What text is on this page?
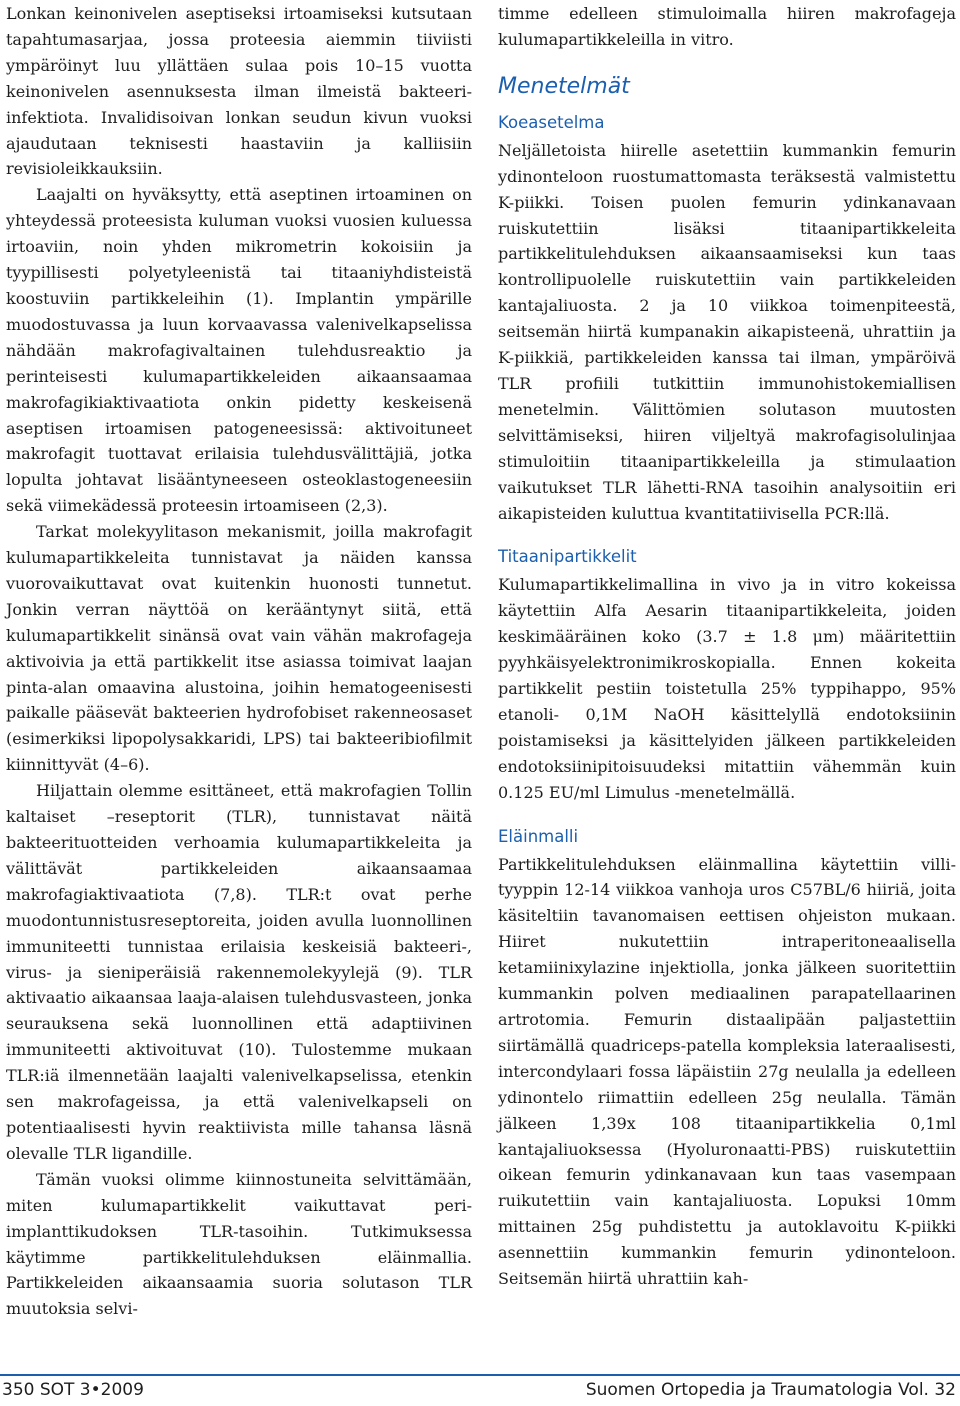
Lonkan keinonivelen aseptiseksi irtoamiseksi kutsutaan tapahtumasarjaa, jossa proteesia aiemmin tiiviisti ympäröinyt luu yllättäen sulaa pois 10–15 vuotta keinonivelen asennuksesta ilman ilmeistä bakteeri-infektiota. Invalidisoivan lonkan seudun kivun vuoksi ajaudutaan teknisesti haastaviin ja kalliisiin revisioleikkauksiin.

Laajalti on hyväksytty, että aseptinen irtoaminen on yhteydessä proteesista kuluman vuoksi vuosien kuluessa irtoaviin, noin yhden mikrometrin kokoisiin ja tyypillisesti polyetyleenistä tai titaaniyhdisteistä koostuviin partikkeleihin (1). Implantin ympärille muodostuvassa ja luun korvaavassa valenivelkapselissa nähdään makrofagivaltainen tulehdusreaktio ja perinteisesti kulumapartikkeleiden aikaansaamaa makrofagikiaktivaatiota onkin pidetty keskeisenä aseptisen irtoamisen patogeneesissä: aktivoituneet makrofagit tuottavat erilaisia tulehdusvälittäjiä, jotka lopulta johtavat lisääntyneeseen osteoklastogeneesiin sekä viimekädessä proteesin irtoamiseen (2,3).

Tarkat molekyylitason mekanismit, joilla makrofagit kulumapartikkeleita tunnistavat ja näiden kanssa vuorovaikuttavat ovat kuitenkin huonosti tunnetut. Jonkin verran näyttöä on kerääntynyt siitä, että kulumapartikkelit sinänsä ovat vain vähän makrofageja aktivoivia ja että partikkelit itse asiassa toimivat laajan pinta-alan omaavina alustoina, joihin hematogeenisesti paikalle pääsevät bakteerien hydrofobiset rakenneosaset (esimerkiksi lipopolysakkaridi, LPS) tai bakteeribiofilmit kiinnittyvät (4–6).

Hiljattain olemme esittäneet, että makrofagien Tollin kaltaiset –reseptorit (TLR), tunnistavat näitä bakteerituotteiden verhoamia kulumapartikkeleita ja välittävät partikkeleiden aikaansaamaa makrofagiaktivaatiota (7,8). TLR:t ovat perhe muodontunnistusreseptoreita, joiden avulla luonnollinen immuniteetti tunnistaa erilaisia keskeisiä bakteeri-, virus- ja sieniperäisiä rakennemolekyylejä (9). TLR aktivaatio aikaansaa laaja-alaisen tulehdusvasteen, jonka seurauksena sekä luonnollinen että adaptiivinen immuniteetti aktivoituvat (10). Tulostemme mukaan TLR:iä ilmennetään laajalti valenivelkapselissa, etenkin sen makrofageissa, ja että valenivelkapseli on potentiaalisesti hyvin reaktiivista mille tahansa läsnä olevalle TLR ligandille.

Tämän vuoksi olimme kiinnostuneita selvittämään, miten kulumapartikkelit vaikuttavat peri-implanttikudoksen TLR-tasoihin. Tutkimuksessa käytimme partikkelitulehduksen eläinmallia. Partikkeleiden aikaansaamia suoria solutason TLR muutoksia selvi-

timme edelleen stimuloimalla hiiren makrofageja kulumapartikkeleilla in vitro.

Menetelmät
Koeasetelma

Neljälletoista hiirelle asetettiin kummankin femurin ydinonteloon ruostumattomasta teräksestä valmistettu K-piikki. Toisen puolen femurin ydinkanavaan ruiskutettiin lisäksi titaanipartikkeleita partikkelitulehduksen aikaansaamiseksi kun taas kontrollipuolelle ruiskutettiin vain partikkeleiden kantajaliuosta. 2 ja 10 viikkoa toimenpiteestä, seitsemän hiirtä kumpanakin aikapisteenä, uhrattiin ja K-piikkiä, partikkeleiden kanssa tai ilman, ympäröivä TLR profiili tutkittiin immunohistokemiallisen menetelmin. Välittömien solutason muutosten selvittämiseksi, hiiren viljeltyä makrofagisolulinjaa stimuloitiin titaanipartikkeleilla ja stimulaation vaikutukset TLR lähetti-RNA tasoihin analysoitiin eri aikapisteiden kuluttua kvantitatiivisella PCR:llä.

Titaanipartikkelit

Kulumapartikkelimallina in vivo ja in vitro kokeissa käytettiin Alfa Aesarin titaanipartikkeleita, joiden keskimääräinen koko (3.7 ± 1.8 μm) määritettiin pyyhkäisyelektronimikroskopialla. Ennen kokeita partikkelit pestiin toistetulla 25% typpihappo, 95% etanoli- 0,1M NaOH käsittelyllä endotoksiinin poistamiseksi ja käsittelyiden jälkeen partikkeleiden endotoksiinipitoisuudeksi mitattiin vähemmän kuin 0.125 EU/ml Limulus -menetelmällä.

Eläinmalli

Partikkelitulehduksen eläinmallina käytettiin villi-tyyppin 12-14 viikkoa vanhoja uros C57BL/6 hiiriä, joita käsiteltiin tavanomaisen eettisen ohjeiston mukaan. Hiiret nukutettiin intraperitoneaalisella ketamiinixylazine injektiolla, jonka jälkeen suoritettiin kummankin polven mediaalinen parapatellaarinen artrotomia. Femurin distaalipään paljastettiin siirtämällä quadriceps-patella kompleksia lateraalisesti, intercondylaari fossa läpäistiin 27g neulalla ja edelleen ydinontelo riimattiin edelleen 25g neulalla. Tämän jälkeen 1,39x 108 titaanipartikkelia 0,1ml kantajaliuoksessa (Hyoluronaatti-PBS) ruiskutettiin oikean femurin ydinkanavaan kun taas vasempaan ruikutettiin vain kantajaliuosta. Lopuksi 10mm mittainen 25g puhdistettu ja autoklavoitu K-piikki asennettiin kummankin femurin ydinonteloon. Seitsemän hiirtä uhrattiin kah-

350 SOT 3•2009	Suomen Ortopedia ja Traumatologia Vol. 32
